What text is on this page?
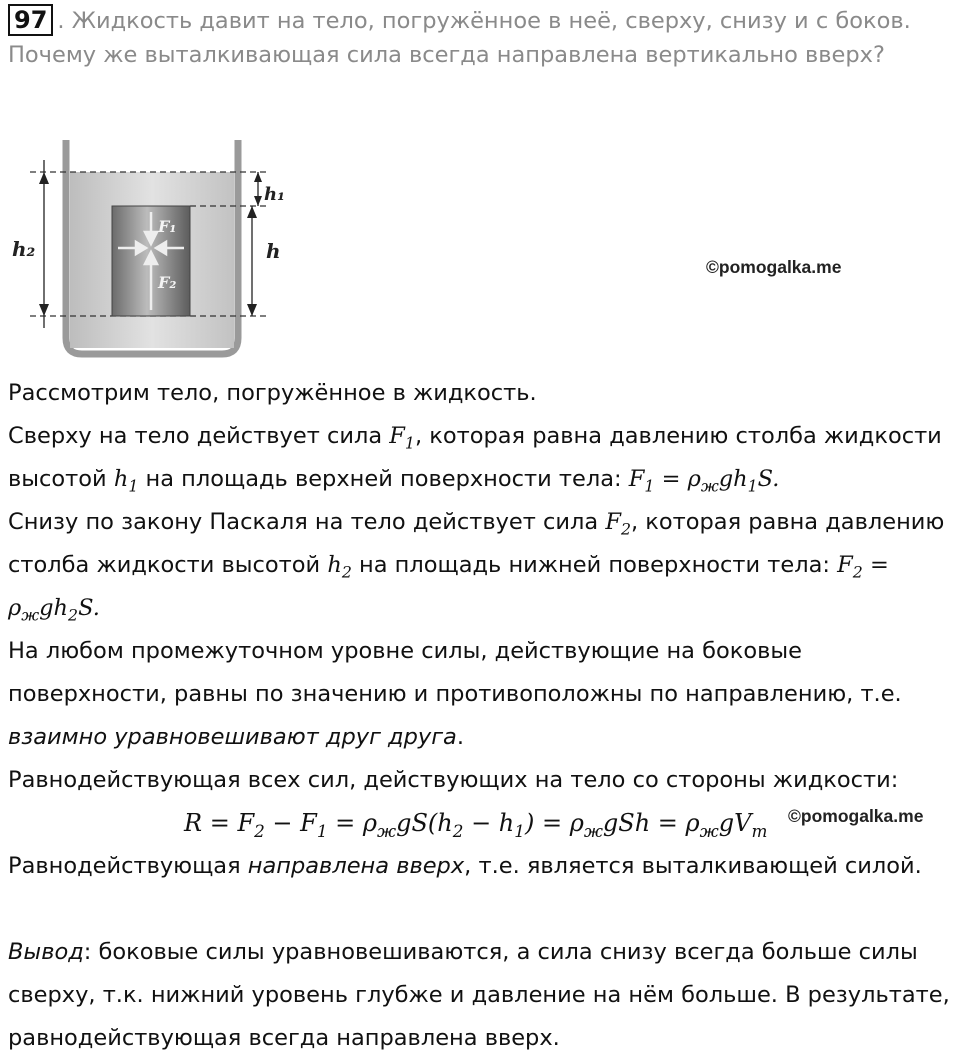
97 . Жидкость давит на тело, погружённое в неё, сверху, снизу и с боков.
Почему же выталкивающая сила всегда направлена вертикально вверх?
h₂
h₁
h
F₁
F₂
©pomogalka.me
©pomogalka.me

Рассмотрим тело, погружённое в жидкость.

Сверху на тело действует сила $F_1$, которая равна давлению столба жидкости высотой $h_1$ на площадь верхней поверхности тела: $F_1 = \rho_жgh_1S$.

Снизу по закону Паскаля на тело действует сила $F_2$, которая равна давлению столба жидкости высотой $h_2$ на площадь нижней поверхности тела: $F_2 = \rho_жgh_2S$.

На любом промежуточном уровне силы, действующие на боковые поверхности, равны по значению и противоположны по направлению, т.е. взаимно уравновешивают друг друга.

Равнодействующая всех сил, действующих на тело со стороны жидкости:

$R = F_2 - F_1 = \rho_жgS(h_2 - h_1) = \rho_жgSh = \rho_жgV_т$

Равнодействующая направлена вверх, т.е. является выталкивающей силой.

Вывод: боковые силы уравновешиваются, а сила снизу всегда больше силы сверху, т.к. нижний уровень глубже и давление на нём больше. В результате, равнодействующая всегда направлена вверх.
